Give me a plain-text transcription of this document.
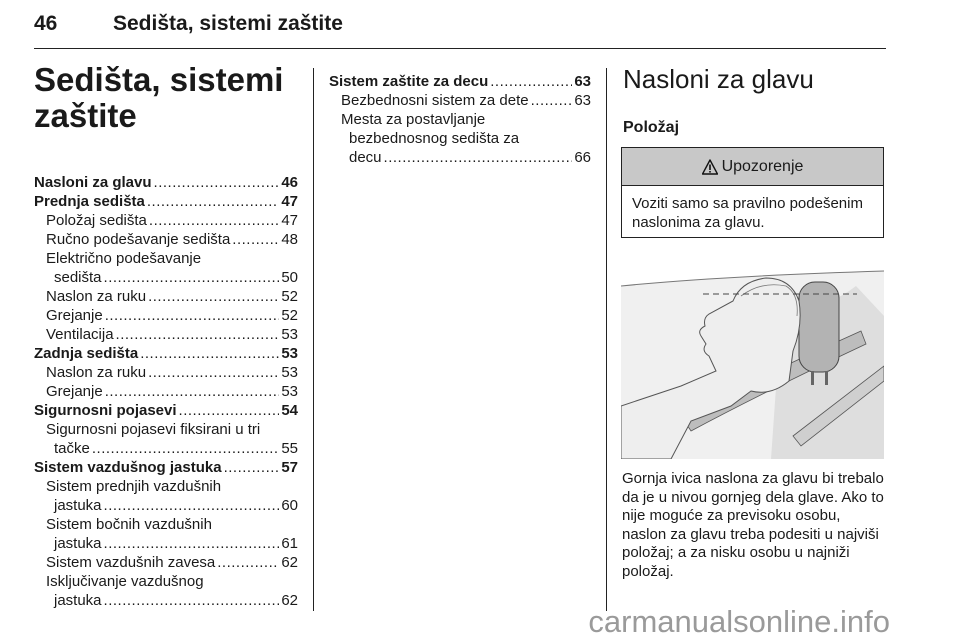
46	Sedišta, sistemi zaštite
Sedišta, sistemi zaštite
Nasloni za glavu .....	46
Prednja sedišta .....	47
Položaj sedišta .....	47
Ručno podešavanje sedišta .....	48
Električno podešavanje
sedišta .....	50
Naslon za ruku .....	52
Grejanje .....	52
Ventilacija .....	53
Zadnja sedišta .....	53
Naslon za ruku .....	53
Grejanje .....	53
Sigurnosni pojasevi .....	54
Sigurnosni pojasevi fiksirani u tri
tačke .....	55
Sistem vazdušnog jastuka .....	57
Sistem prednjih vazdušnih
jastuka .....	60
Sistem bočnih vazdušnih
jastuka .....	61
Sistem vazdušnih zavesa .....	62
Isključivanje vazdušnog
jastuka .....	62
Sistem zaštite za decu .....	63
Bezbednosni sistem za dete .....	63
Mesta za postavljanje
bezbednosnog sedišta za
decu .....	66
Nasloni za glavu
Položaj
Upozorenje
Voziti samo sa pravilno podešenim naslonima za glavu.

Gornja ivica naslona za glavu bi trebalo da je u nivou gornjeg dela glave. Ako to nije moguće za previsoku osobu, naslon za glavu treba podesiti u najviši položaj; a za nisku osobu u najniži položaj.

carmanualsonline.info
